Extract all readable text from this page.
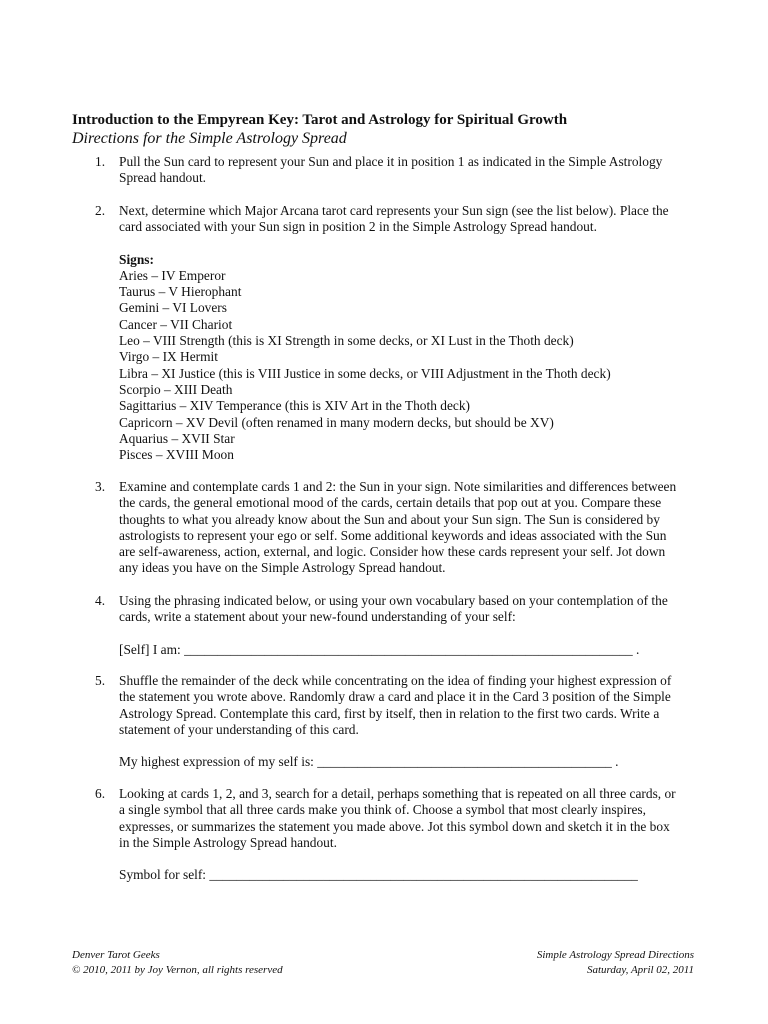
Introduction to the Empyrean Key: Tarot and Astrology for Spiritual Growth
Directions for the Simple Astrology Spread
1. Pull the Sun card to represent your Sun and place it in position 1 as indicated in the Simple Astrology
Spread handout.
2. Next, determine which Major Arcana tarot card represents your Sun sign (see the list below). Place the
card associated with your Sun sign in position 2 in the Simple Astrology Spread handout.
Signs:
Aries – IV Emperor
Taurus – V Hierophant
Gemini – VI Lovers
Cancer – VII Chariot
Leo – VIII Strength (this is XI Strength in some decks, or XI Lust in the Thoth deck)
Virgo – IX Hermit
Libra – XI Justice (this is VIII Justice in some decks, or VIII Adjustment in the Thoth deck)
Scorpio – XIII Death
Sagittarius – XIV Temperance (this is XIV Art in the Thoth deck)
Capricorn – XV Devil (often renamed in many modern decks, but should be XV)
Aquarius – XVII Star
Pisces – XVIII Moon
3. Examine and contemplate cards 1 and 2: the Sun in your sign. Note similarities and differences between
the cards, the general emotional mood of the cards, certain details that pop out at you. Compare these
thoughts to what you already know about the Sun and about your Sun sign. The Sun is considered by
astrologists to represent your ego or self. Some additional keywords and ideas associated with the Sun
are self-awareness, action, external, and logic. Consider how these cards represent your self. Jot down
any ideas you have on the Simple Astrology Spread handout.
4. Using the phrasing indicated below, or using your own vocabulary based on your contemplation of the
cards, write a statement about your new-found understanding of your self:
[Self] I am: ___________________________________________________________________ .
5. Shuffle the remainder of the deck while concentrating on the idea of finding your highest expression of
the statement you wrote above. Randomly draw a card and place it in the Card 3 position of the Simple
Astrology Spread. Contemplate this card, first by itself, then in relation to the first two cards. Write a
statement of your understanding of this card.
My highest expression of my self is: ____________________________________________ .
6. Looking at cards 1, 2, and 3, search for a detail, perhaps something that is repeated on all three cards, or
a single symbol that all three cards make you think of. Choose a symbol that most clearly inspires,
expresses, or summarizes the statement you made above. Jot this symbol down and sketch it in the box
in the Simple Astrology Spread handout.
Symbol for self: ________________________________________________________________
Denver Tarot Geeks
© 2010, 2011 by Joy Vernon, all rights reserved
Simple Astrology Spread Directions
Saturday, April 02, 2011
